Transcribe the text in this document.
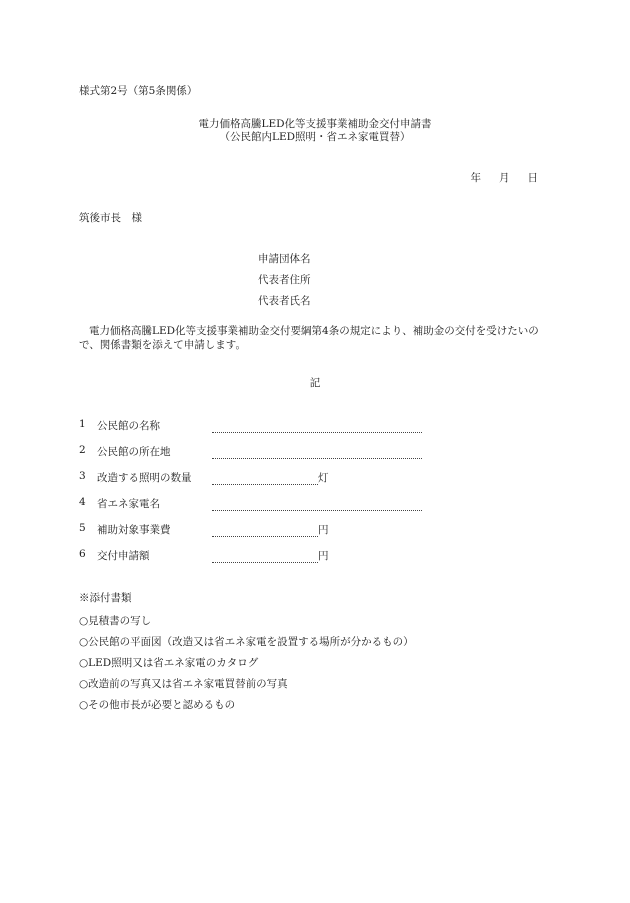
様式第2号（第5条関係）
電力価格高騰LED化等支援事業補助金交付申請書
（公民館内LED照明・省エネ家電買替）
年 月 日
筑後市長　様
申請団体名
代表者住所
代表者氏名
電力価格高騰LED化等支援事業補助金交付要綱第4条の規定により、補助金の交付を受けたいので、関係書類を添えて申請します。
記
1	公民館の名称
2	公民館の所在地
3	改造する照明の数量	灯
4	省エネ家電名
5	補助対象事業費	円
6	交付申請額	円
※添付書類
○見積書の写し
○公民館の平面図（改造又は省エネ家電を設置する場所が分かるもの）
○LED照明又は省エネ家電のカタログ
○改造前の写真又は省エネ家電買替前の写真
○その他市長が必要と認めるもの
